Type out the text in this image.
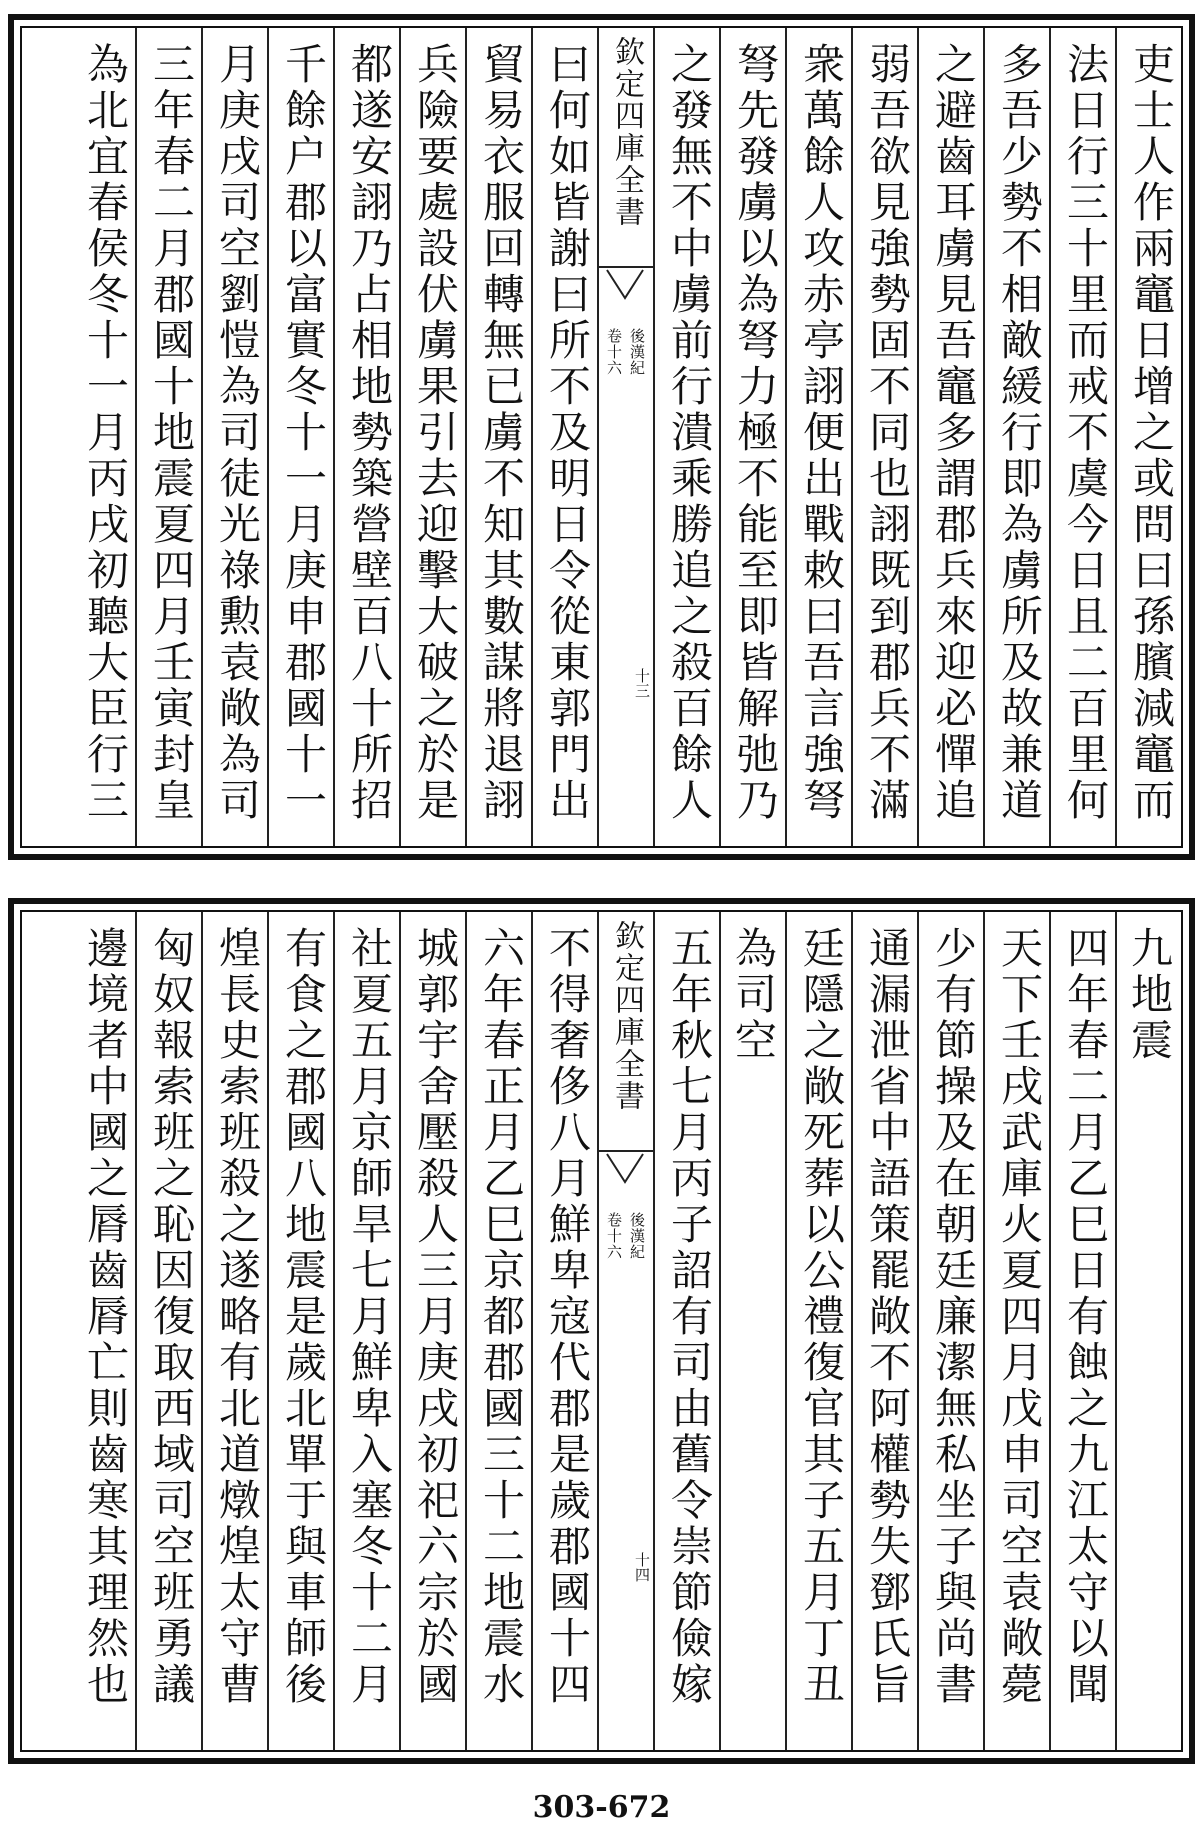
吏士人作兩竈日增之或問曰孫臏減竈而
法日行三十里而戒不虞今日且二百里何
多吾少勢不相敵緩行即為虜所及故兼道
之避齒耳虜見吾竈多謂郡兵來迎必憚追
弱吾欲見強勢固不同也詡既到郡兵不滿
衆萬餘人攻赤亭詡便出戰敕曰吾言強弩
弩先發虜以為弩力極不能至即皆解弛乃
之發無不中虜前行潰乘勝追之殺百餘人
欽定四庫全書
後漢紀
卷十六
十三
曰何如皆謝曰所不及明日令從東郭門出
貿易衣服回轉無已虜不知其數謀將退詡
兵險要處設伏虜果引去迎擊大破之於是
都遂安詡乃占相地勢築營壁百八十所招
千餘户郡以富實冬十一月庚申郡國十一
月庚戌司空劉愷為司徒光祿勲袁敞為司
三年春二月郡國十地震夏四月壬寅封皇
為北宜春侯冬十一月丙戌初聽大臣行三
九地震
四年春二月乙巳日有蝕之九江太守以聞
天下壬戌武庫火夏四月戊申司空袁敞薨
少有節操及在朝廷廉潔無私坐子與尚書
通漏泄省中語策罷敞不阿權勢失鄧氏旨
廷隱之敞死葬以公禮復官其子五月丁丑
為司空
五年秋七月丙子詔有司由舊令崇節儉嫁
欽定四庫全書
後漢紀
卷十六
十四
不得奢侈八月鮮卑寇代郡是歲郡國十四
六年春正月乙巳京都郡國三十二地震水
城郭宇舍壓殺人三月庚戌初祀六宗於國
社夏五月京師旱七月鮮卑入塞冬十二月
有食之郡國八地震是歲北單于與車師後
煌長史索班殺之遂略有北道燉煌太守曹
匈奴報索班之恥因復取西域司空班勇議
邊境者中國之脣齒脣亡則齒寒其理然也
303-672
